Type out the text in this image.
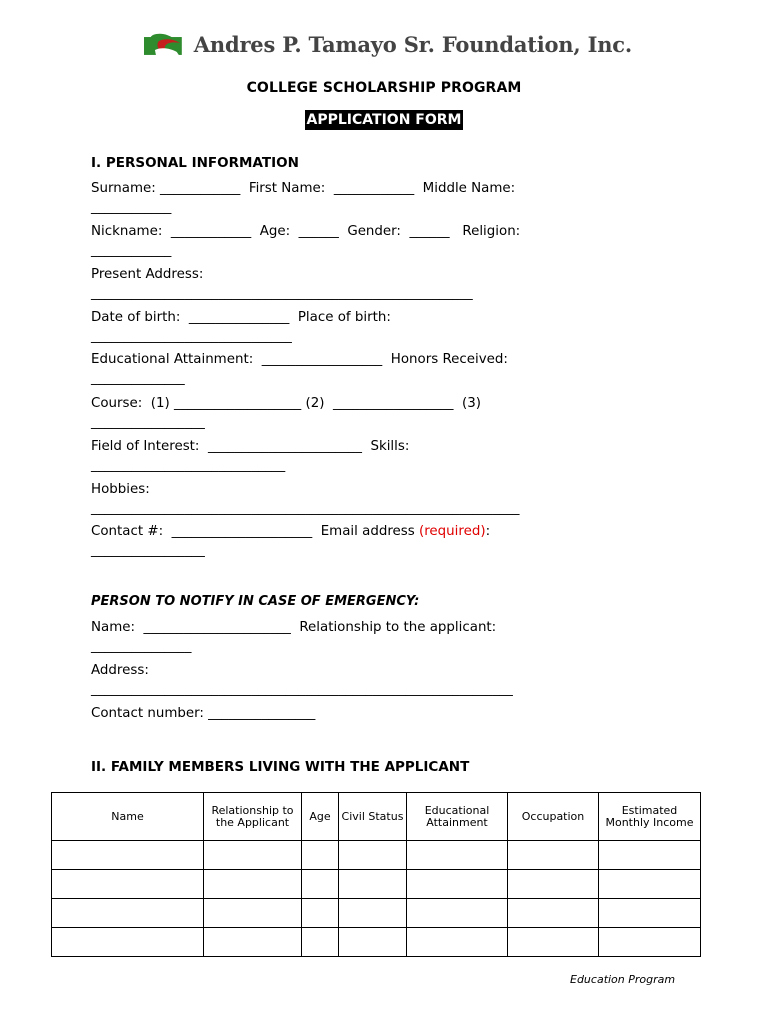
Andres P. Tamayo Sr. Foundation, Inc.
COLLEGE SCHOLARSHIP PROGRAM
APPLICATION FORM
I. PERSONAL INFORMATION
Surname: ____________  First Name:  ____________  Middle Name:
____________
Nickname:  ____________  Age:  ______  Gender:  ______   Religion:
____________
Present Address:
_________________________________________________________
Date of birth:  _______________  Place of birth:
______________________________
Educational Attainment:  __________________  Honors Received:
______________
Course:  (1) ___________________ (2)  __________________  (3)
_________________
Field of Interest:  _______________________  Skills:
_____________________________
Hobbies:
________________________________________________________________
Contact #:  _____________________  Email address (required):
_________________
PERSON TO NOTIFY IN CASE OF EMERGENCY:
Name:  ______________________  Relationship to the applicant:
_______________
Address:
_______________________________________________________________
Contact number: ________________
II. FAMILY MEMBERS LIVING WITH THE APPLICANT
Name	Relationship to the Applicant	Age	Civil Status	Educational Attainment	Occupation	Estimated Monthly Income

Education Program
